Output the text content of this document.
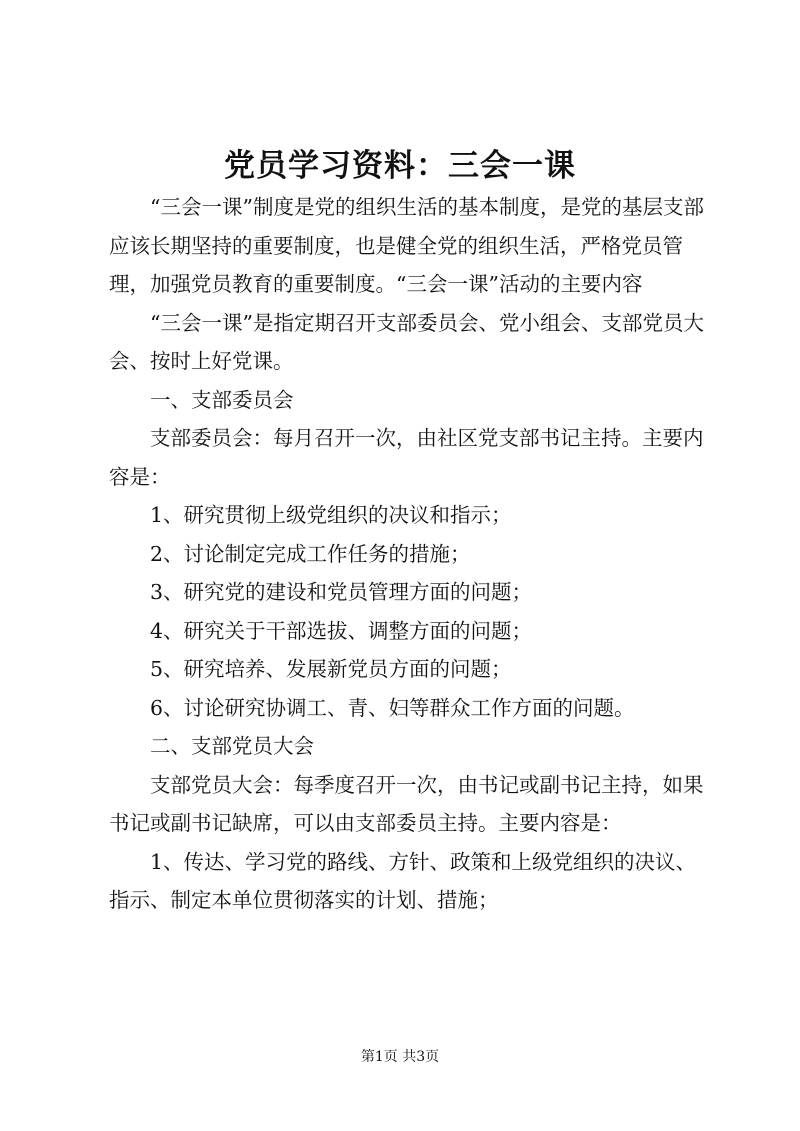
党员学习资料：三会一课

“三会一课”制度是党的组织生活的基本制度，是党的基层支部应该长期坚持的重要制度，也是健全党的组织生活，严格党员管理，加强党员教育的重要制度。“三会一课”活动的主要内容

“三会一课”是指定期召开支部委员会、党小组会、支部党员大会、按时上好党课。

一、支部委员会

支部委员会：每月召开一次，由社区党支部书记主持。主要内容是：

1、研究贯彻上级党组织的决议和指示；

2、讨论制定完成工作任务的措施；

3、研究党的建设和党员管理方面的问题；

4、研究关于干部选拔、调整方面的问题；

5、研究培养、发展新党员方面的问题；

6、讨论研究协调工、青、妇等群众工作方面的问题。

二、支部党员大会

支部党员大会：每季度召开一次，由书记或副书记主持，如果书记或副书记缺席，可以由支部委员主持。主要内容是：

1、传达、学习党的路线、方针、政策和上级党组织的决议、指示、制定本单位贯彻落实的计划、措施；

第1页 共3页
